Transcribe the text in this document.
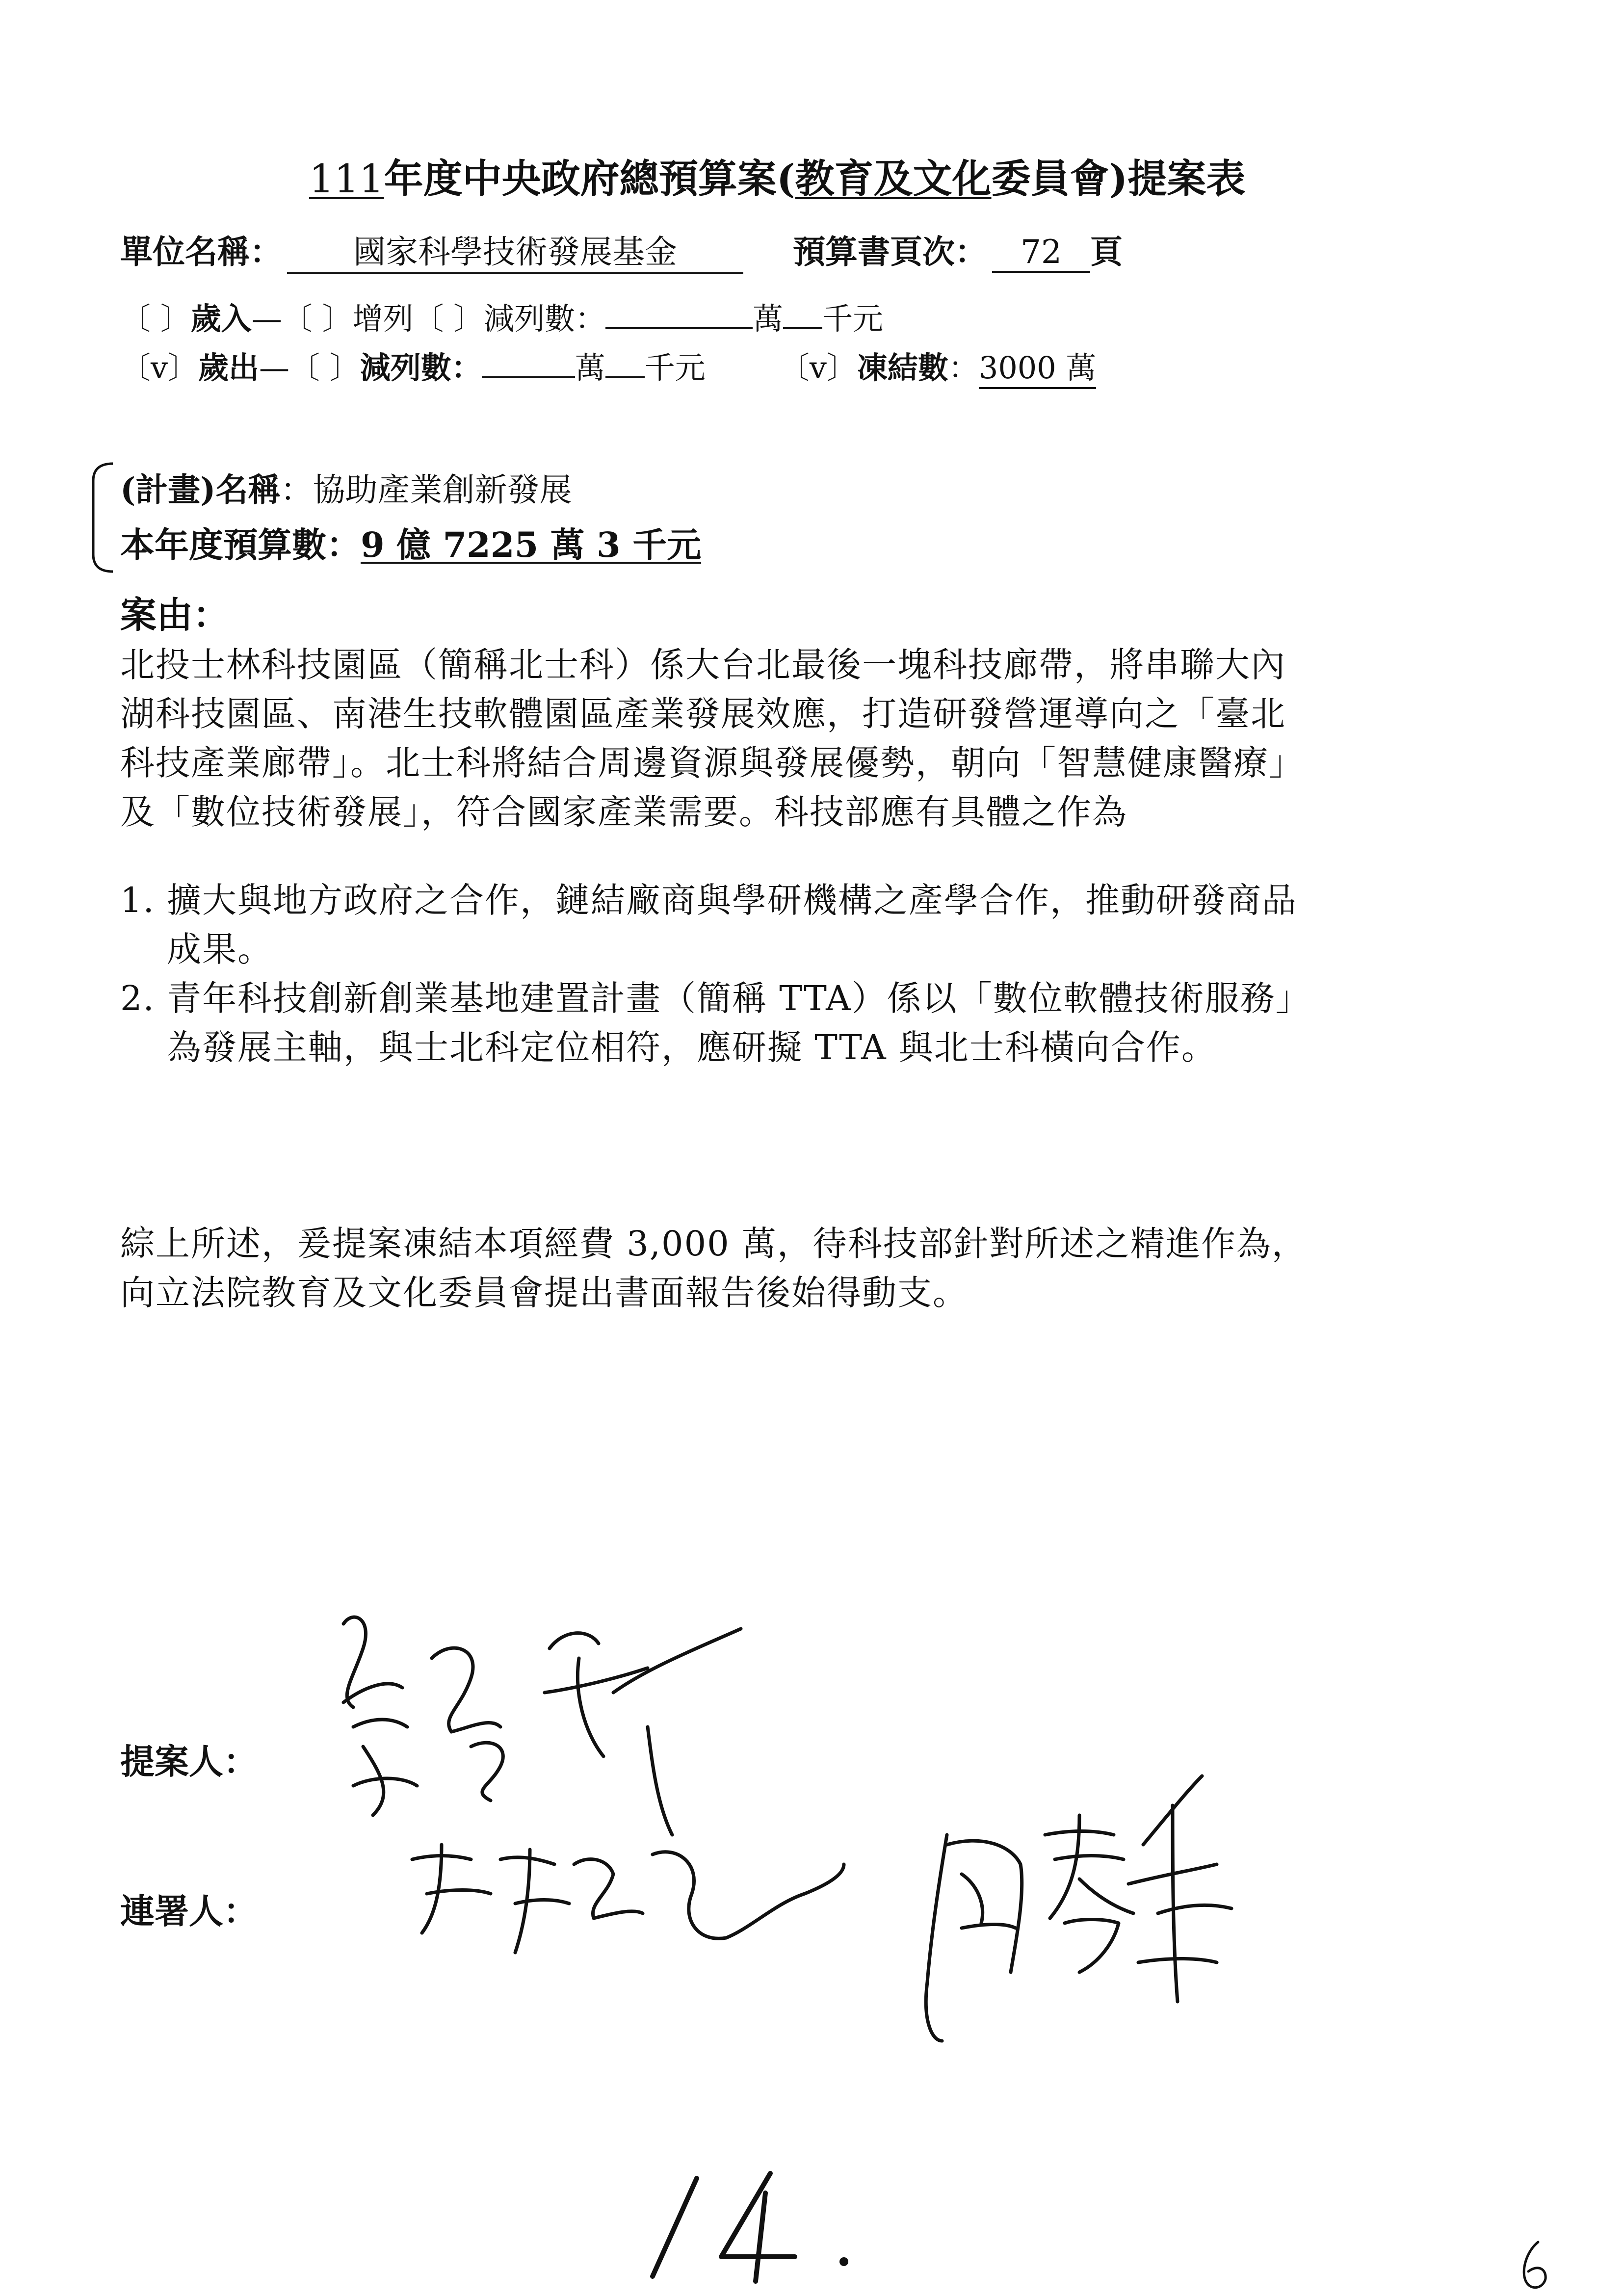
111年度中央政府總預算案(教育及文化委員會)提案表
單位名稱： 國家科學技術發展基金	預算書頁次： 72 頁
〔 〕歲入—〔 〕增列〔 〕減列數：	萬 千元
〔v〕歲出—〔 〕減列數：	萬 千元 〔v〕凍結數：3000 萬
(計畫)名稱：協助產業創新發展
本年度預算數：9 億 7225 萬 3 千元
案由：
北投士林科技園區（簡稱北士科）係大台北最後一塊科技廊帶，將串聯大內
湖科技園區、南港生技軟體園區產業發展效應，打造研發營運導向之「臺北
科技產業廊帶」。北士科將結合周邊資源與發展優勢，朝向「智慧健康醫療」
及「數位技術發展」，符合國家產業需要。科技部應有具體之作為
1. 擴大與地方政府之合作，鏈結廠商與學研機構之產學合作，推動研發商品
成果。
2. 青年科技創新創業基地建置計畫（簡稱 TTA）係以「數位軟體技術服務」
為發展主軸，與士北科定位相符，應研擬 TTA 與北士科橫向合作。
綜上所述，爰提案凍結本項經費 3,000 萬，待科技部針對所述之精進作為，
向立法院教育及文化委員會提出書面報告後始得動支。
提案人：
連署人：
